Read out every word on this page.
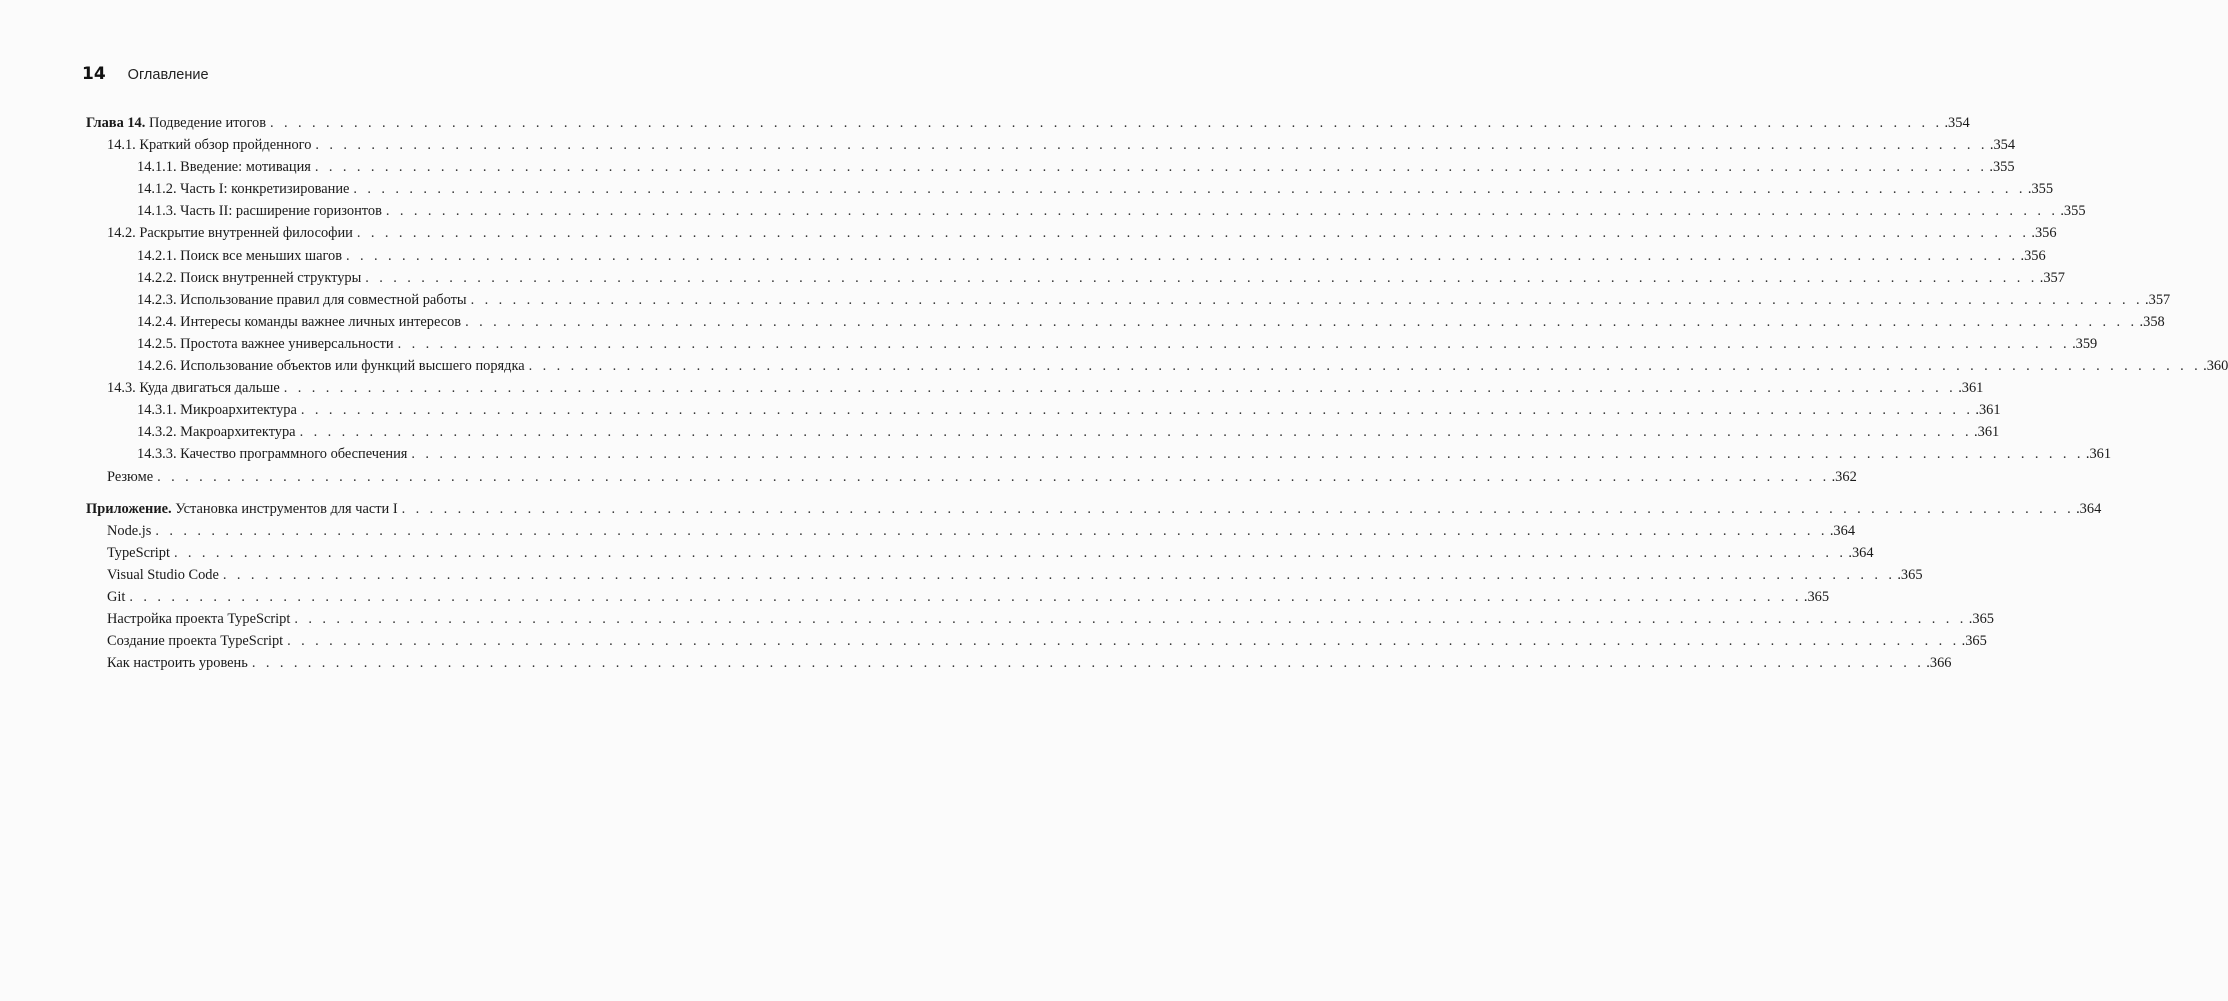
14 Оглавление
Глава 14. Подведение итогов . . . . . . . . . . . . . . . . . . . . . . . . . . . . . . . . . . . . . . . . . . . . . . . . . . . . . . . . . . . . . . . . . . . . . . . . . . . . . . . . . . . . . . . . . . . . . . . . . . . . . . . . . . . . . . . . . . . . . . . . .354
14.1. Краткий обзор пройденного . . . . . . . . . . . . . . . . . . . . . . . . . . . . . . . . . . . . . . . . . . . . . . . . . . . . . . . . . . . . . . . . . . . . . . . . . . . . . . . . . . . . . . . . . . . . . . . . . . . . . . . . . . . . . . . . . . . . . . . . .354
14.1.1. Введение: мотивация . . . . . . . . . . . . . . . . . . . . . . . . . . . . . . . . . . . . . . . . . . . . . . . . . . . . . . . . . . . . . . . . . . . . . . . . . . . . . . . . . . . . . . . . . . . . . . . . . . . . . . . . . . . . . . . . . . . . . . . . .355
14.1.2. Часть I: конкретизирование . . . . . . . . . . . . . . . . . . . . . . . . . . . . . . . . . . . . . . . . . . . . . . . . . . . . . . . . . . . . . . . . . . . . . . . . . . . . . . . . . . . . . . . . . . . . . . . . . . . . . . . . . . . . . . . . . . . . . . . . .355
14.1.3. Часть II: расширение горизонтов . . . . . . . . . . . . . . . . . . . . . . . . . . . . . . . . . . . . . . . . . . . . . . . . . . . . . . . . . . . . . . . . . . . . . . . . . . . . . . . . . . . . . . . . . . . . . . . . . . . . . . . . . . . . . . . . . . . . . . . . .355
14.2. Раскрытие внутренней философии . . . . . . . . . . . . . . . . . . . . . . . . . . . . . . . . . . . . . . . . . . . . . . . . . . . . . . . . . . . . . . . . . . . . . . . . . . . . . . . . . . . . . . . . . . . . . . . . . . . . . . . . . . . . . . . . . . . . . . . . .356
14.2.1. Поиск все меньших шагов . . . . . . . . . . . . . . . . . . . . . . . . . . . . . . . . . . . . . . . . . . . . . . . . . . . . . . . . . . . . . . . . . . . . . . . . . . . . . . . . . . . . . . . . . . . . . . . . . . . . . . . . . . . . . . . . . . . . . . . . .356
14.2.2. Поиск внутренней структуры . . . . . . . . . . . . . . . . . . . . . . . . . . . . . . . . . . . . . . . . . . . . . . . . . . . . . . . . . . . . . . . . . . . . . . . . . . . . . . . . . . . . . . . . . . . . . . . . . . . . . . . . . . . . . . . . . . . . . . . . .357
14.2.3. Использование правил для совместной работы . . . . . . . . . . . . . . . . . . . . . . . . . . . . . . . . . . . . . . . . . . . . . . . . . . . . . . . . . . . . . . . . . . . . . . . . . . . . . . . . . . . . . . . . . . . . . . . . . . . . . . . . . . . . . . . . . . . . . . . . .357
14.2.4. Интересы команды важнее личных интересов . . . . . . . . . . . . . . . . . . . . . . . . . . . . . . . . . . . . . . . . . . . . . . . . . . . . . . . . . . . . . . . . . . . . . . . . . . . . . . . . . . . . . . . . . . . . . . . . . . . . . . . . . . . . . . . . . . . . . . . . .358
14.2.5. Простота важнее универсальности . . . . . . . . . . . . . . . . . . . . . . . . . . . . . . . . . . . . . . . . . . . . . . . . . . . . . . . . . . . . . . . . . . . . . . . . . . . . . . . . . . . . . . . . . . . . . . . . . . . . . . . . . . . . . . . . . . . . . . . . .359
14.2.6. Использование объектов или функций высшего порядка . . . . . . . . . . . . . . . . . . . . . . . . . . . . . . . . . . . . . . . . . . . . . . . . . . . . . . . . . . . . . . . . . . . . . . . . . . . . . . . . . . . . . . . . . . . . . . . . . . . . . . . . . . . . . . . . . . . . . . . . .360
14.3. Куда двигаться дальше . . . . . . . . . . . . . . . . . . . . . . . . . . . . . . . . . . . . . . . . . . . . . . . . . . . . . . . . . . . . . . . . . . . . . . . . . . . . . . . . . . . . . . . . . . . . . . . . . . . . . . . . . . . . . . . . . . . . . . . . .361
14.3.1. Микроархитектура . . . . . . . . . . . . . . . . . . . . . . . . . . . . . . . . . . . . . . . . . . . . . . . . . . . . . . . . . . . . . . . . . . . . . . . . . . . . . . . . . . . . . . . . . . . . . . . . . . . . . . . . . . . . . . . . . . . . . . . . .361
14.3.2. Макроархитектура . . . . . . . . . . . . . . . . . . . . . . . . . . . . . . . . . . . . . . . . . . . . . . . . . . . . . . . . . . . . . . . . . . . . . . . . . . . . . . . . . . . . . . . . . . . . . . . . . . . . . . . . . . . . . . . . . . . . . . . . .361
14.3.3. Качество программного обеспечения . . . . . . . . . . . . . . . . . . . . . . . . . . . . . . . . . . . . . . . . . . . . . . . . . . . . . . . . . . . . . . . . . . . . . . . . . . . . . . . . . . . . . . . . . . . . . . . . . . . . . . . . . . . . . . . . . . . . . . . . .361
Резюме . . . . . . . . . . . . . . . . . . . . . . . . . . . . . . . . . . . . . . . . . . . . . . . . . . . . . . . . . . . . . . . . . . . . . . . . . . . . . . . . . . . . . . . . . . . . . . . . . . . . . . . . . . . . . . . . . . . . . . . . .362
Приложение. Установка инструментов для части I . . . . . . . . . . . . . . . . . . . . . . . . . . . . . . . . . . . . . . . . . . . . . . . . . . . . . . . . . . . . . . . . . . . . . . . . . . . . . . . . . . . . . . . . . . . . . . . . . . . . . . . . . . . . . . . . . . . . . . . . .364
Node.js . . . . . . . . . . . . . . . . . . . . . . . . . . . . . . . . . . . . . . . . . . . . . . . . . . . . . . . . . . . . . . . . . . . . . . . . . . . . . . . . . . . . . . . . . . . . . . . . . . . . . . . . . . . . . . . . . . . . . . . . .364
TypeScript . . . . . . . . . . . . . . . . . . . . . . . . . . . . . . . . . . . . . . . . . . . . . . . . . . . . . . . . . . . . . . . . . . . . . . . . . . . . . . . . . . . . . . . . . . . . . . . . . . . . . . . . . . . . . . . . . . . . . . . . .364
Visual Studio Code . . . . . . . . . . . . . . . . . . . . . . . . . . . . . . . . . . . . . . . . . . . . . . . . . . . . . . . . . . . . . . . . . . . . . . . . . . . . . . . . . . . . . . . . . . . . . . . . . . . . . . . . . . . . . . . . . . . . . . . . .365
Git . . . . . . . . . . . . . . . . . . . . . . . . . . . . . . . . . . . . . . . . . . . . . . . . . . . . . . . . . . . . . . . . . . . . . . . . . . . . . . . . . . . . . . . . . . . . . . . . . . . . . . . . . . . . . . . . . . . . . . . . .365
Настройка проекта TypeScript . . . . . . . . . . . . . . . . . . . . . . . . . . . . . . . . . . . . . . . . . . . . . . . . . . . . . . . . . . . . . . . . . . . . . . . . . . . . . . . . . . . . . . . . . . . . . . . . . . . . . . . . . . . . . . . . . . . . . . . . .365
Создание проекта TypeScript . . . . . . . . . . . . . . . . . . . . . . . . . . . . . . . . . . . . . . . . . . . . . . . . . . . . . . . . . . . . . . . . . . . . . . . . . . . . . . . . . . . . . . . . . . . . . . . . . . . . . . . . . . . . . . . . . . . . . . . . .365
Как настроить уровень . . . . . . . . . . . . . . . . . . . . . . . . . . . . . . . . . . . . . . . . . . . . . . . . . . . . . . . . . . . . . . . . . . . . . . . . . . . . . . . . . . . . . . . . . . . . . . . . . . . . . . . . . . . . . . . . . . . . . . . . .366
